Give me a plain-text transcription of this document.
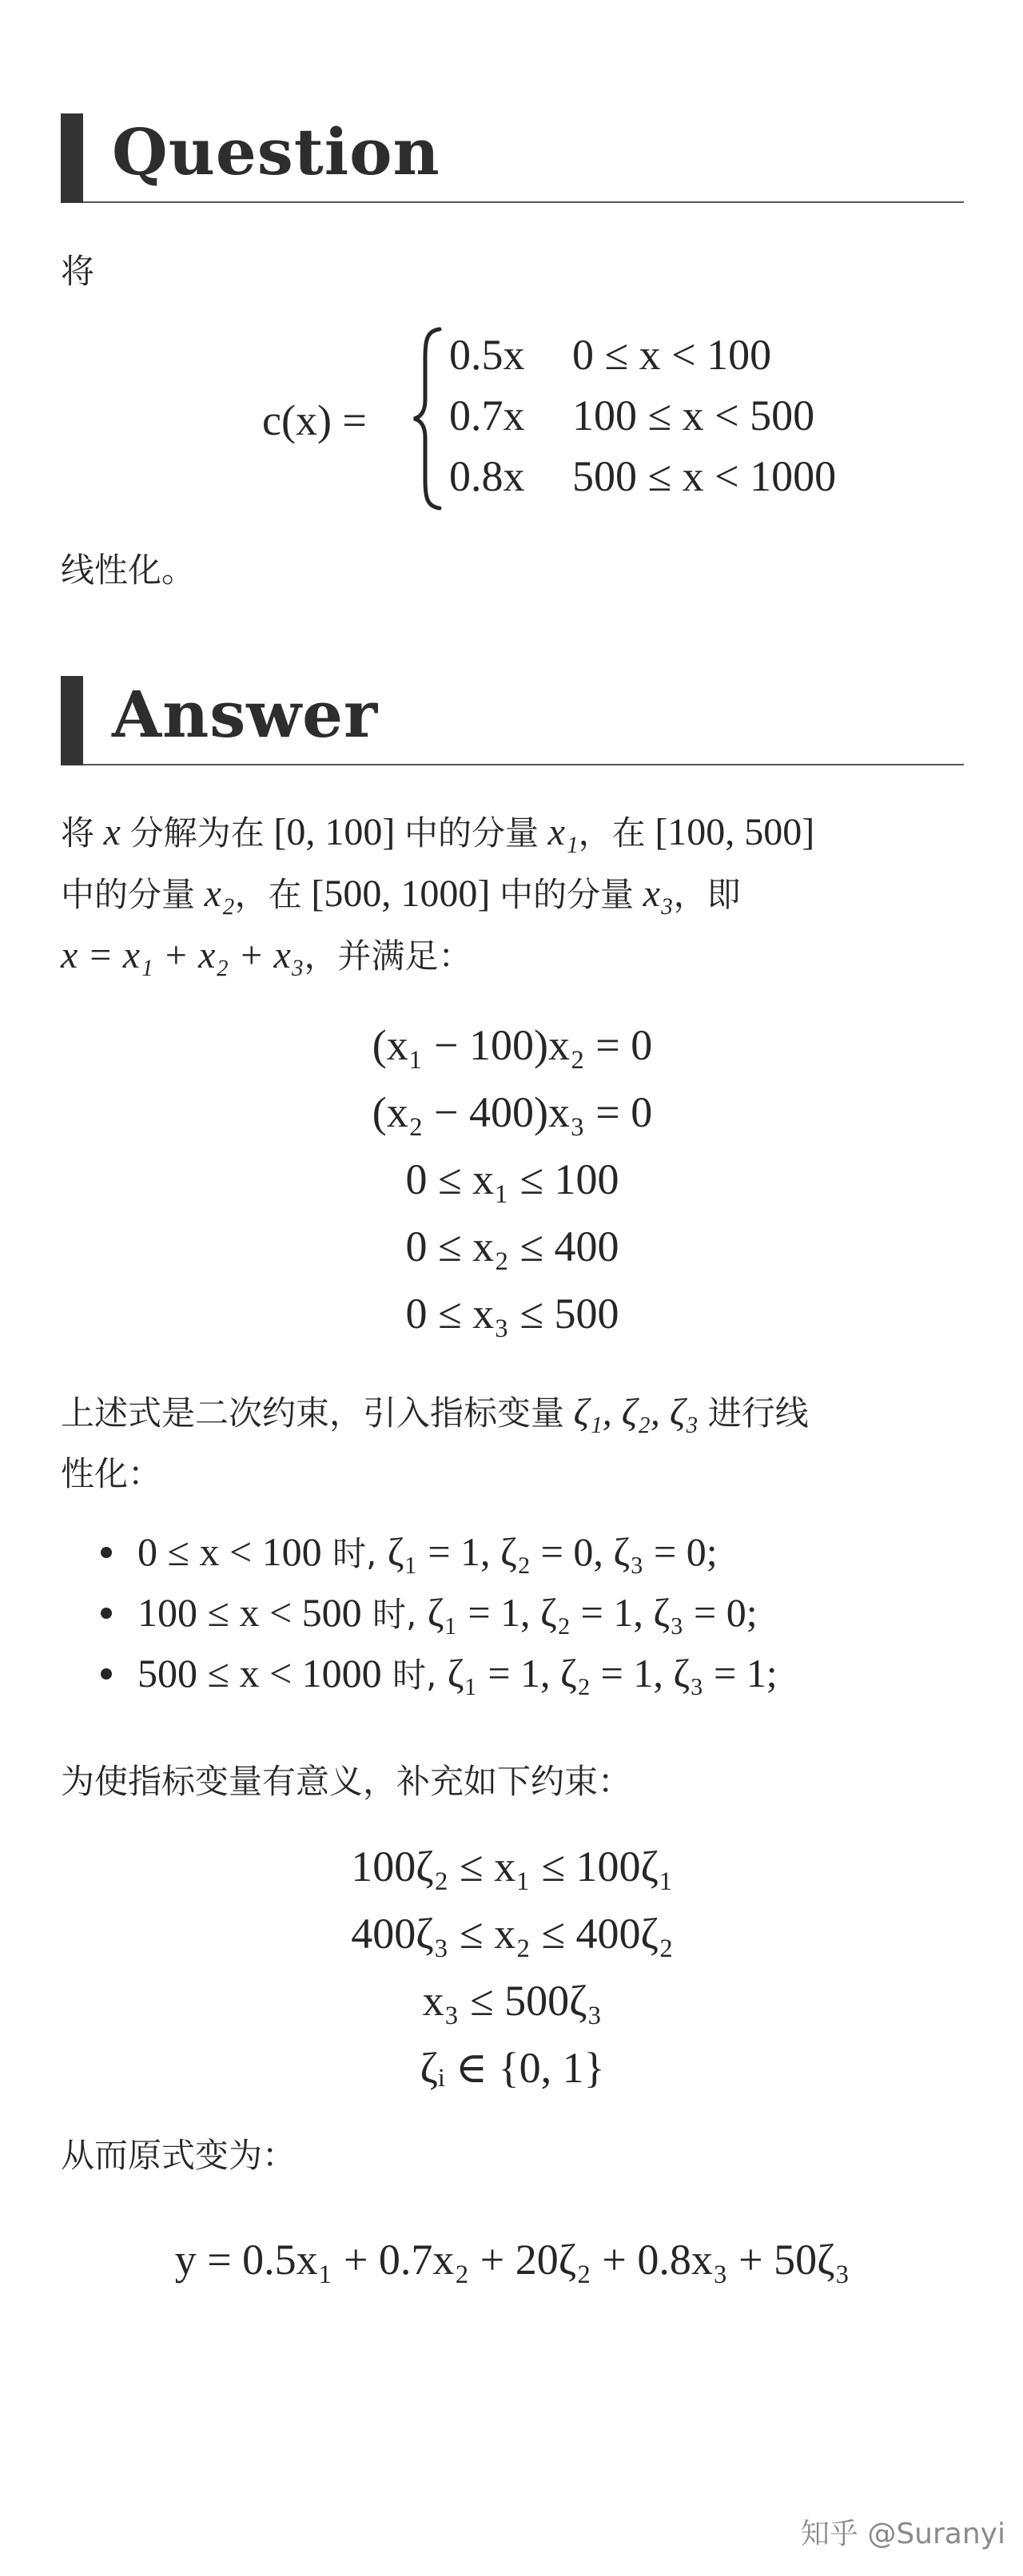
Question
将
c(x) =
0.5x 0 ≤ x < 100
0.7x 100 ≤ x < 500
0.8x 500 ≤ x < 1000
线性化。
Answer
将 x 分解为在 [0, 100] 中的分量 x₁，在 [100, 500]
中的分量 x₂，在 [500, 1000] 中的分量 x₃，即
x = x₁ + x₂ + x₃，并满足：
(x₁ − 100)x₂ = 0
(x₂ − 400)x₃ = 0
0 ≤ x₁ ≤ 100
0 ≤ x₂ ≤ 400
0 ≤ x₃ ≤ 500
上述式是二次约束，引入指标变量 ζ₁, ζ₂, ζ₃ 进行线
性化：
0 ≤ x < 100 时, ζ₁ = 1, ζ₂ = 0, ζ₃ = 0;
100 ≤ x < 500 时, ζ₁ = 1, ζ₂ = 1, ζ₃ = 0;
500 ≤ x < 1000 时, ζ₁ = 1, ζ₂ = 1, ζ₃ = 1;
为使指标变量有意义，补充如下约束：
100ζ₂ ≤ x₁ ≤ 100ζ₁
400ζ₃ ≤ x₂ ≤ 400ζ₂
x₃ ≤ 500ζ₃
ζᵢ ∈ {0, 1}
从而原式变为：
y = 0.5x₁ + 0.7x₂ + 20ζ₂ + 0.8x₃ + 50ζ₃
知乎 @Suranyi
